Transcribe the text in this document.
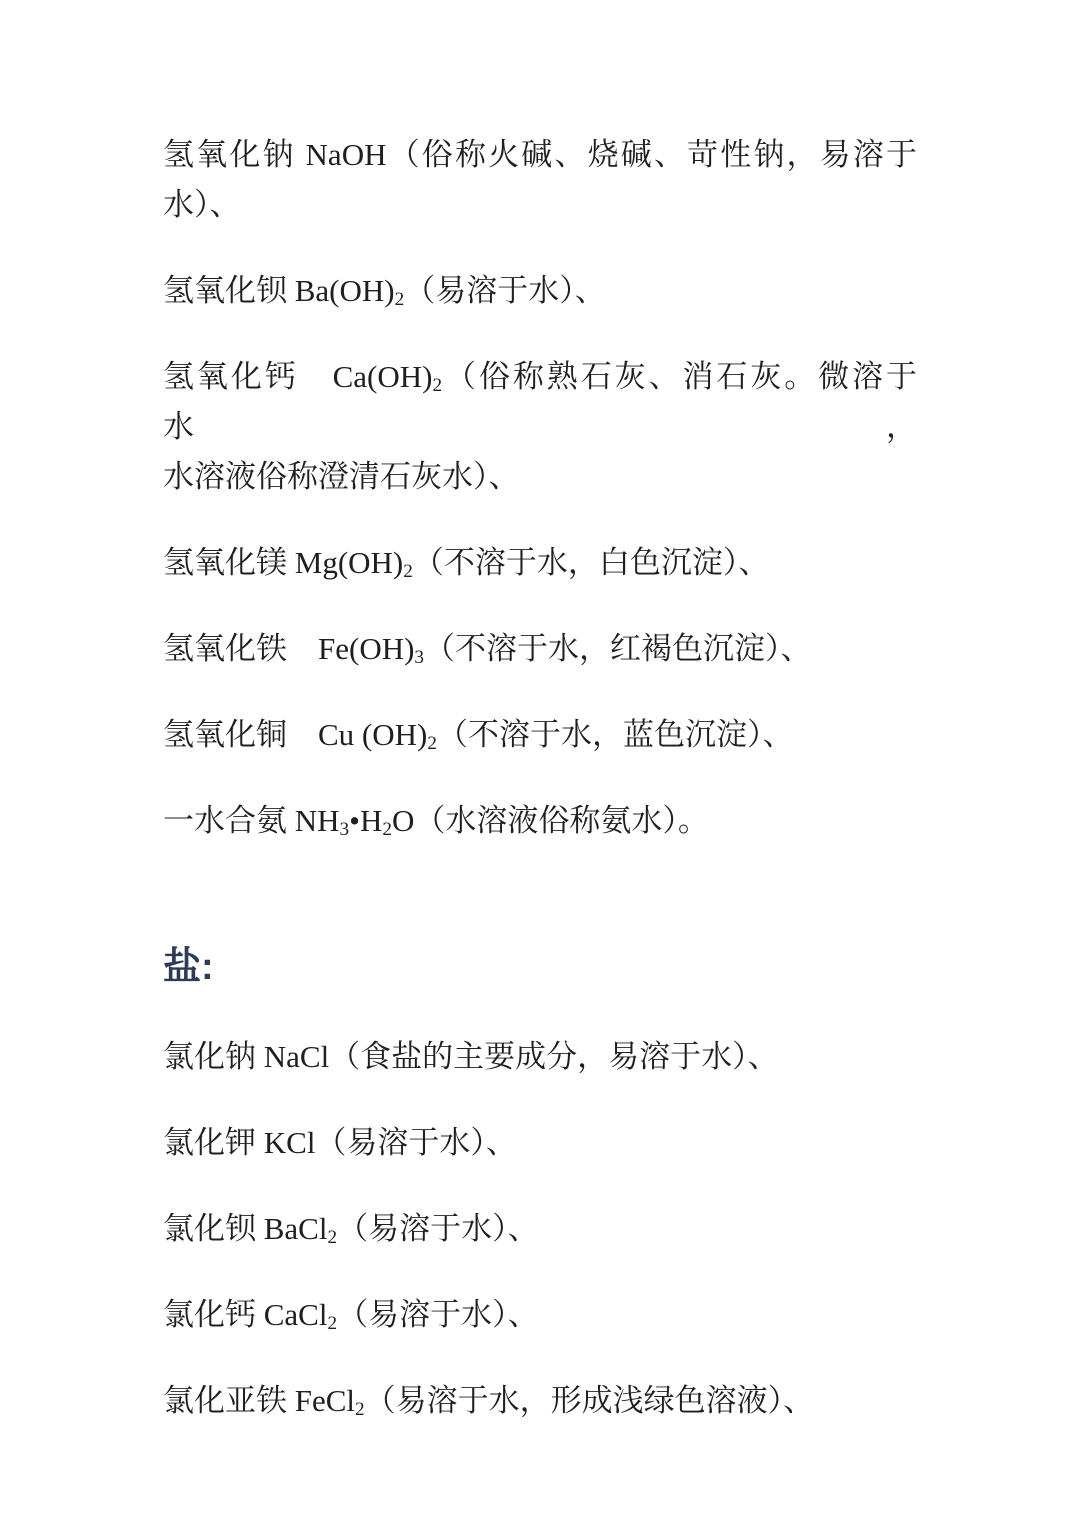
氢氧化钠 NaOH（俗称火碱、烧碱、苛性钠，易溶于
水）、

氢氧化钡 $Ba(OH)_2$（易溶于水）、

氢氧化钙　$Ca(OH)_2$（俗称熟石灰、消石灰。微溶于水，
水溶液俗称澄清石灰水）、

氢氧化镁 $Mg(OH)_2$（不溶于水，白色沉淀）、

氢氧化铁　$Fe(OH)_3$（不溶于水，红褐色沉淀）、

氢氧化铜　Cu $(OH)_2$（不溶于水，蓝色沉淀）、

一水合氨 $NH_3•H_2O$（水溶液俗称氨水）。

盐:

氯化钠 NaCl（食盐的主要成分，易溶于水）、

氯化钾 KCl（易溶于水）、

氯化钡 BaCl$_2$（易溶于水）、

氯化钙 CaCl$_2$（易溶于水）、

氯化亚铁 FeCl$_2$（易溶于水，形成浅绿色溶液）、
